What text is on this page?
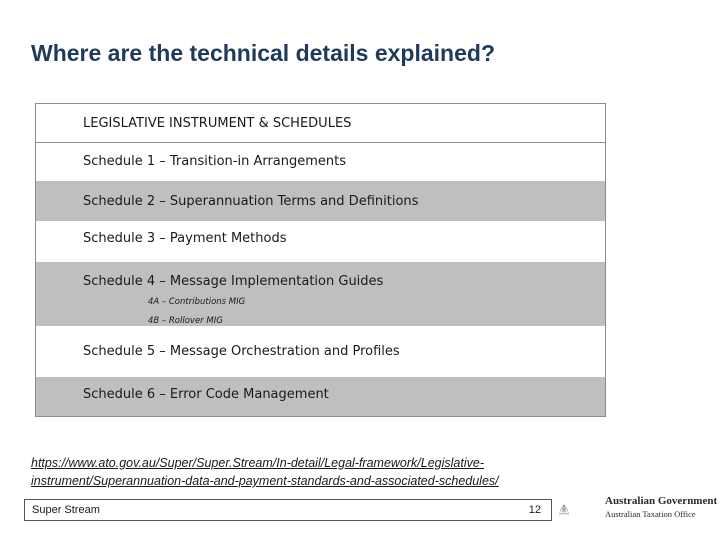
Where are the technical details explained?
LEGISLATIVE INSTRUMENT & SCHEDULES
Schedule 1 – Transition-in Arrangements
Schedule 2 – Superannuation Terms and Definitions
Schedule 3 – Payment Methods
Schedule 4 – Message Implementation Guides
4A – Contributions MIG
4B – Rollover MIG
Schedule 5 – Message Orchestration and Profiles
Schedule 6 – Error Code Management
https://www.ato.gov.au/Super/Super.Stream/In-detail/Legal-framework/Legislative-
instrument/Superannuation-data-and-payment-standards-and-associated-schedules/
Super Stream	12
Australian Government
Australian Taxation Office
